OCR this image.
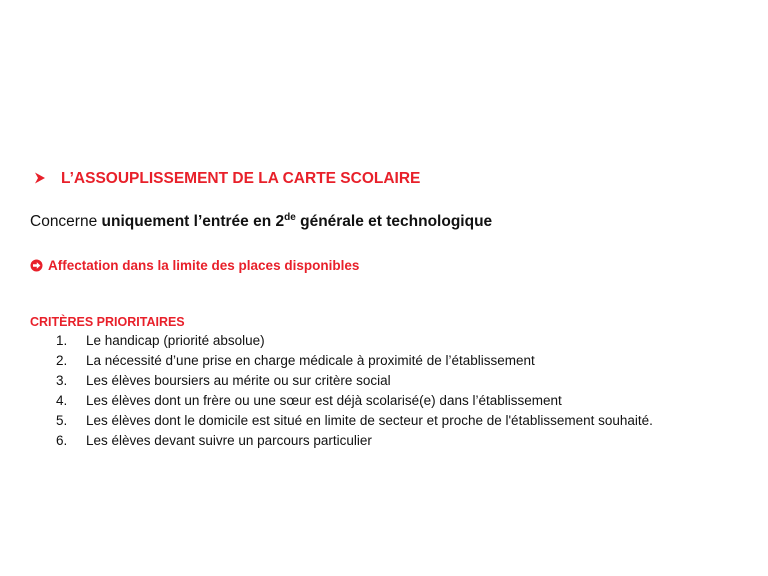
L’ASSOUPLISSEMENT DE LA CARTE SCOLAIRE
Concerne uniquement l’entrée en 2de générale et technologique
Affectation dans la limite des places disponibles
CRITÈRES PRIORITAIRES
1.	Le handicap (priorité absolue)
2.	La nécessité d’une prise en charge médicale à proximité de l’établissement
3.	Les élèves boursiers au mérite ou sur critère social
4.	Les élèves dont un frère ou une sœur est déjà scolarisé(e) dans l’établissement
5.	Les élèves dont le domicile est situé en limite de secteur et proche de l'établissement souhaité.
6.	Les élèves devant suivre un parcours particulier
